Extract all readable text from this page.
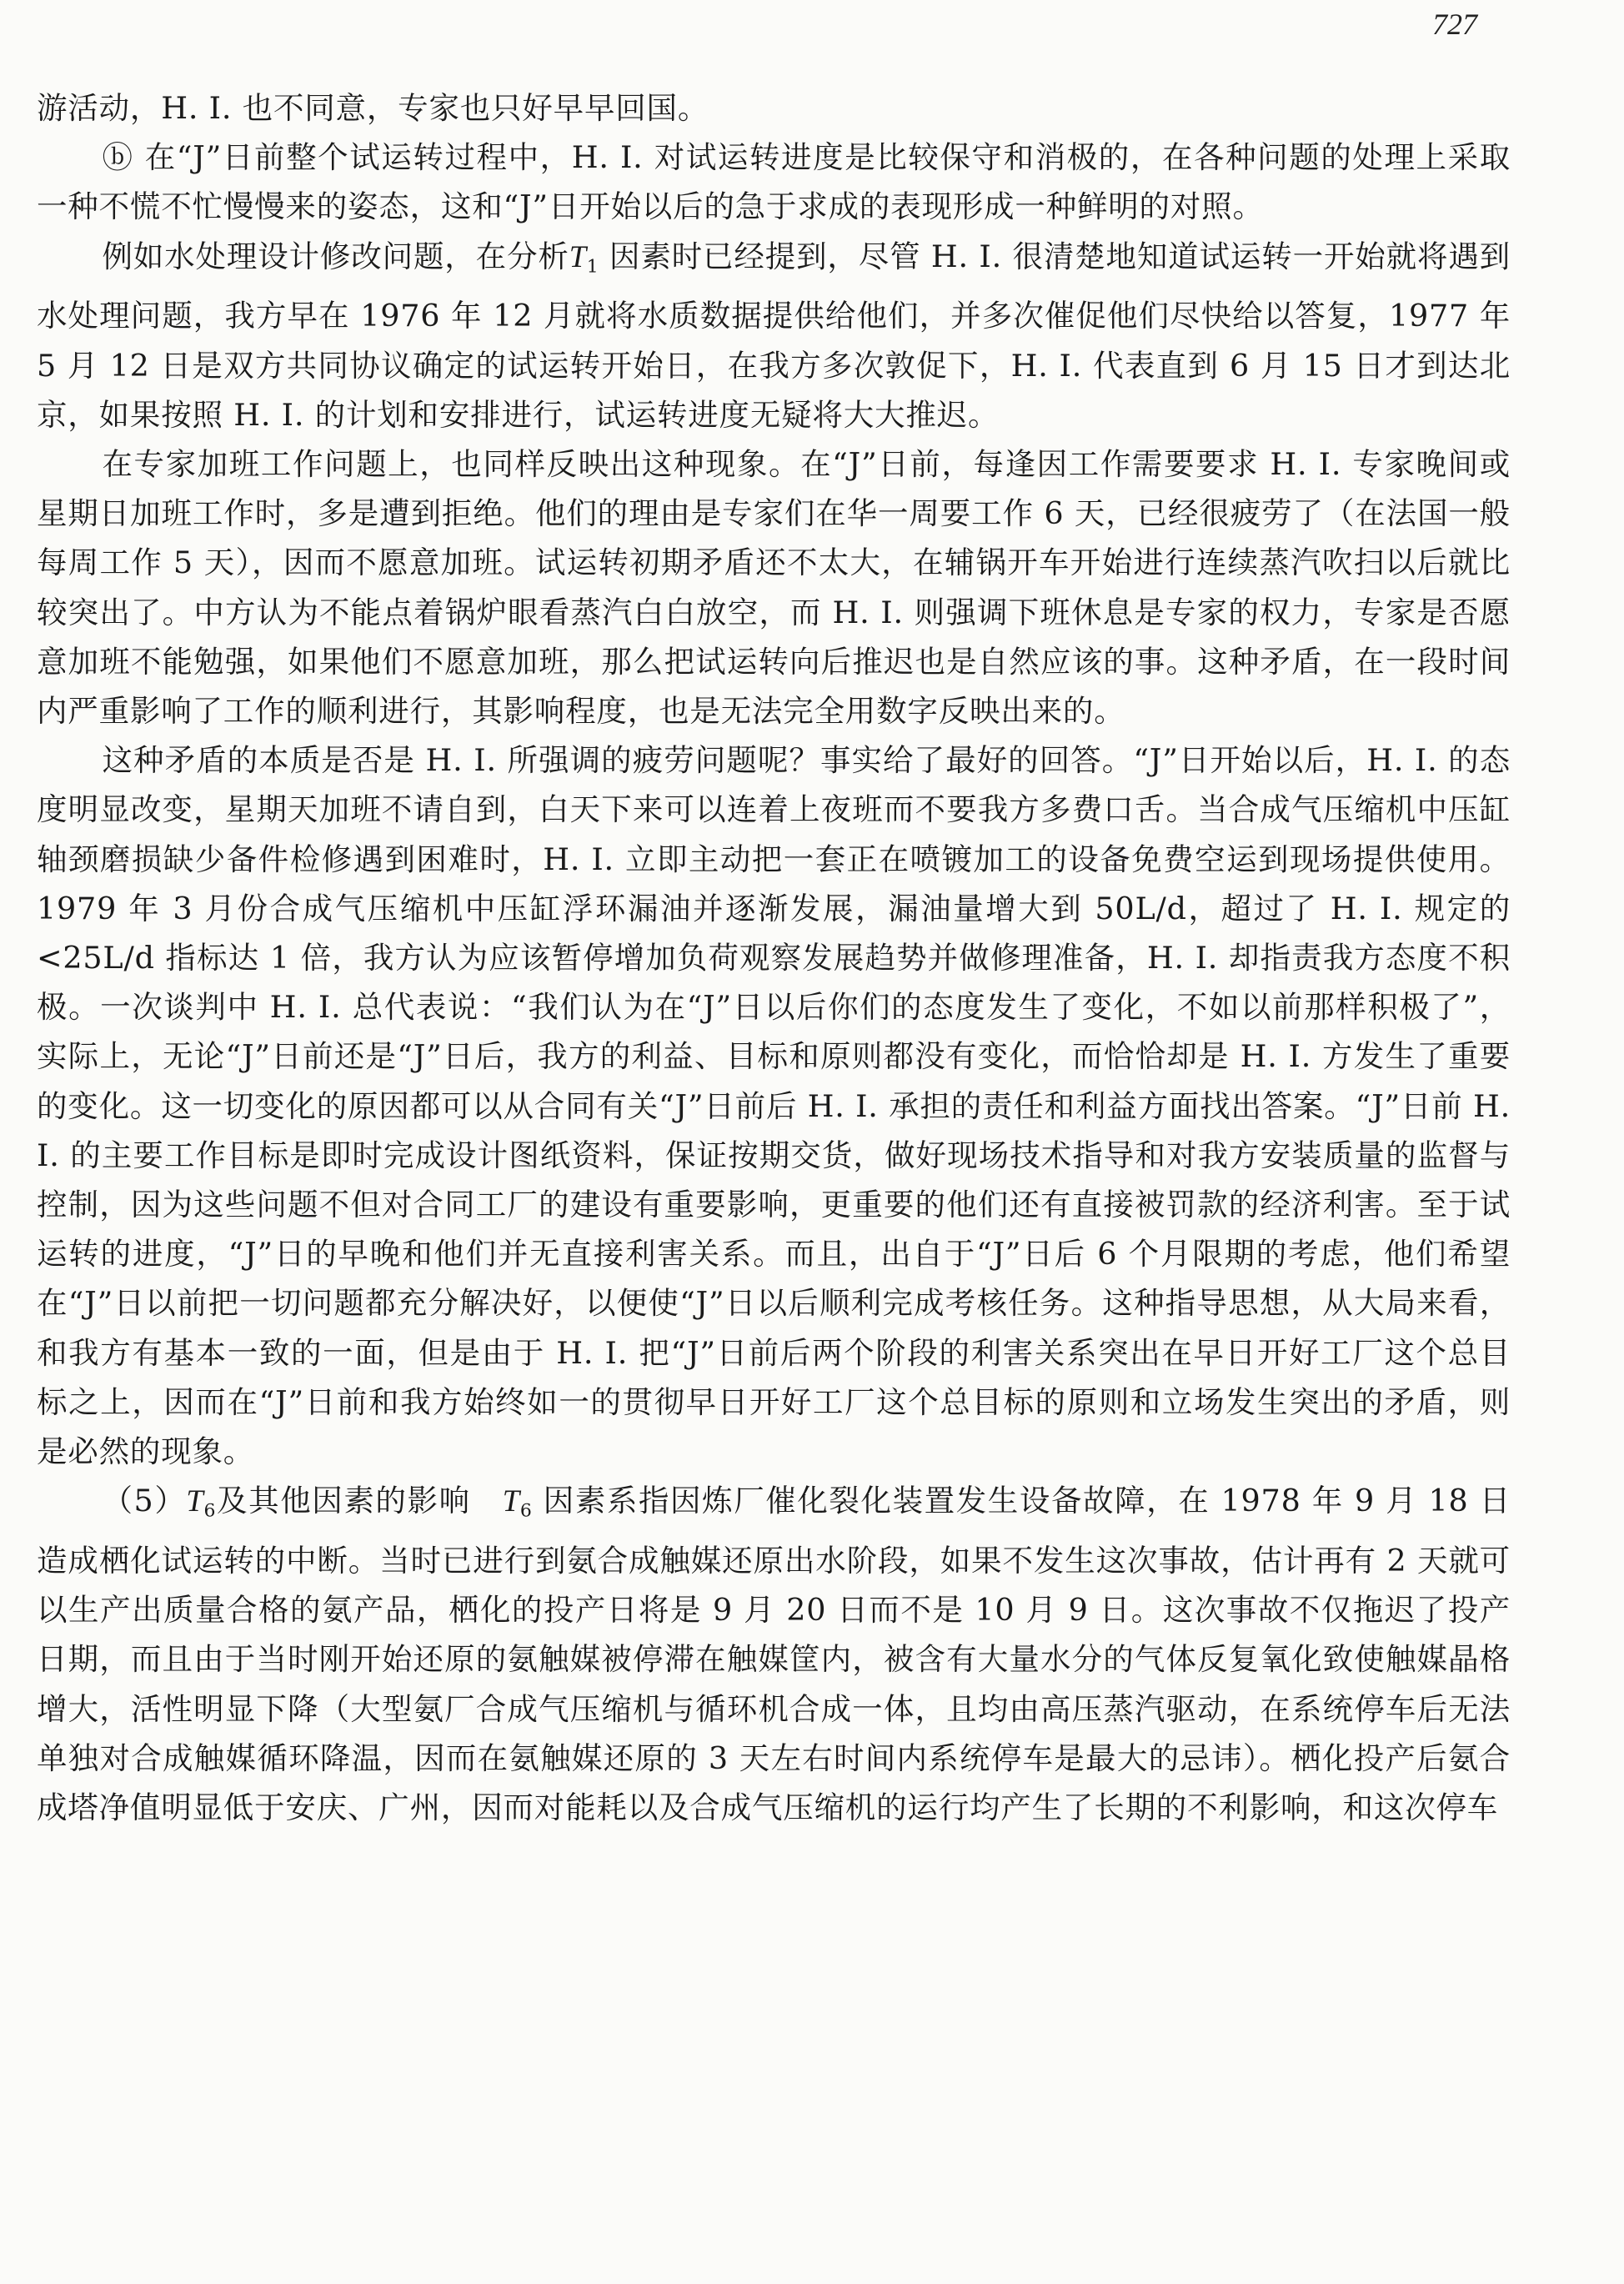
727

游活动，H. I. 也不同意，专家也只好早早回国。

ⓑ 在“J”日前整个试运转过程中，H. I. 对试运转进度是比较保守和消极的，在各种问题的处理上采取一种不慌不忙慢慢来的姿态，这和“J”日开始以后的急于求成的表现形成一种鲜明的对照。

例如水处理设计修改问题，在分析$T_1$ 因素时已经提到，尽管 H. I. 很清楚地知道试运转一开始就将遇到水处理问题，我方早在 1976 年 12 月就将水质数据提供给他们，并多次催促他们尽快给以答复，1977 年 5 月 12 日是双方共同协议确定的试运转开始日，在我方多次敦促下，H. I. 代表直到 6 月 15 日才到达北京，如果按照 H. I. 的计划和安排进行，试运转进度无疑将大大推迟。

在专家加班工作问题上，也同样反映出这种现象。在“J”日前，每逢因工作需要要求 H. I. 专家晚间或星期日加班工作时，多是遭到拒绝。他们的理由是专家们在华一周要工作 6 天，已经很疲劳了（在法国一般每周工作 5 天），因而不愿意加班。试运转初期矛盾还不太大，在辅锅开车开始进行连续蒸汽吹扫以后就比较突出了。中方认为不能点着锅炉眼看蒸汽白白放空，而 H. I. 则强调下班休息是专家的权力，专家是否愿意加班不能勉强，如果他们不愿意加班，那么把试运转向后推迟也是自然应该的事。这种矛盾，在一段时间内严重影响了工作的顺利进行，其影响程度，也是无法完全用数字反映出来的。

这种矛盾的本质是否是 H. I. 所强调的疲劳问题呢？事实给了最好的回答。“J”日开始以后，H. I. 的态度明显改变，星期天加班不请自到，白天下来可以连着上夜班而不要我方多费口舌。当合成气压缩机中压缸轴颈磨损缺少备件检修遇到困难时，H. I. 立即主动把一套正在喷镀加工的设备免费空运到现场提供使用。1979 年 3 月份合成气压缩机中压缸浮环漏油并逐渐发展，漏油量增大到 50L/d，超过了 H. I. 规定的<25L/d 指标达 1 倍，我方认为应该暂停增加负荷观察发展趋势并做修理准备，H. I. 却指责我方态度不积极。一次谈判中 H. I. 总代表说：“我们认为在“J”日以后你们的态度发生了变化，不如以前那样积极了”，实际上，无论“J”日前还是“J”日后，我方的利益、目标和原则都没有变化，而恰恰却是 H. I. 方发生了重要的变化。这一切变化的原因都可以从合同有关“J”日前后 H. I. 承担的责任和利益方面找出答案。“J”日前 H. I. 的主要工作目标是即时完成设计图纸资料，保证按期交货，做好现场技术指导和对我方安装质量的监督与控制，因为这些问题不但对合同工厂的建设有重要影响，更重要的他们还有直接被罚款的经济利害。至于试运转的进度，“J”日的早晚和他们并无直接利害关系。而且，出自于“J”日后 6 个月限期的考虑，他们希望在“J”日以前把一切问题都充分解决好，以便使“J”日以后顺利完成考核任务。这种指导思想，从大局来看，和我方有基本一致的一面，但是由于 H. I. 把“J”日前后两个阶段的利害关系突出在早日开好工厂这个总目标之上，因而在“J”日前和我方始终如一的贯彻早日开好工厂这个总目标的原则和立场发生突出的矛盾，则是必然的现象。

$(5)T_6$及其他因素的影响　$T_6$ 因素系指因炼厂催化裂化装置发生设备故障，在 1978 年 9 月 18 日造成栖化试运转的中断。当时已进行到氨合成触媒还原出水阶段，如果不发生这次事故，估计再有 2 天就可以生产出质量合格的氨产品，栖化的投产日将是 9 月 20 日而不是 10 月 9 日。这次事故不仅拖迟了投产日期，而且由于当时刚开始还原的氨触媒被停滞在触媒筐内，被含有大量水分的气体反复氧化致使触媒晶格增大，活性明显下降（大型氨厂合成气压缩机与循环机合成一体，且均由高压蒸汽驱动，在系统停车后无法单独对合成触媒循环降温，因而在氨触媒还原的 3 天左右时间内系统停车是最大的忌讳）。栖化投产后氨合成塔净值明显低于安庆、广州，因而对能耗以及合成气压缩机的运行均产生了长期的不利影响，和这次停车
